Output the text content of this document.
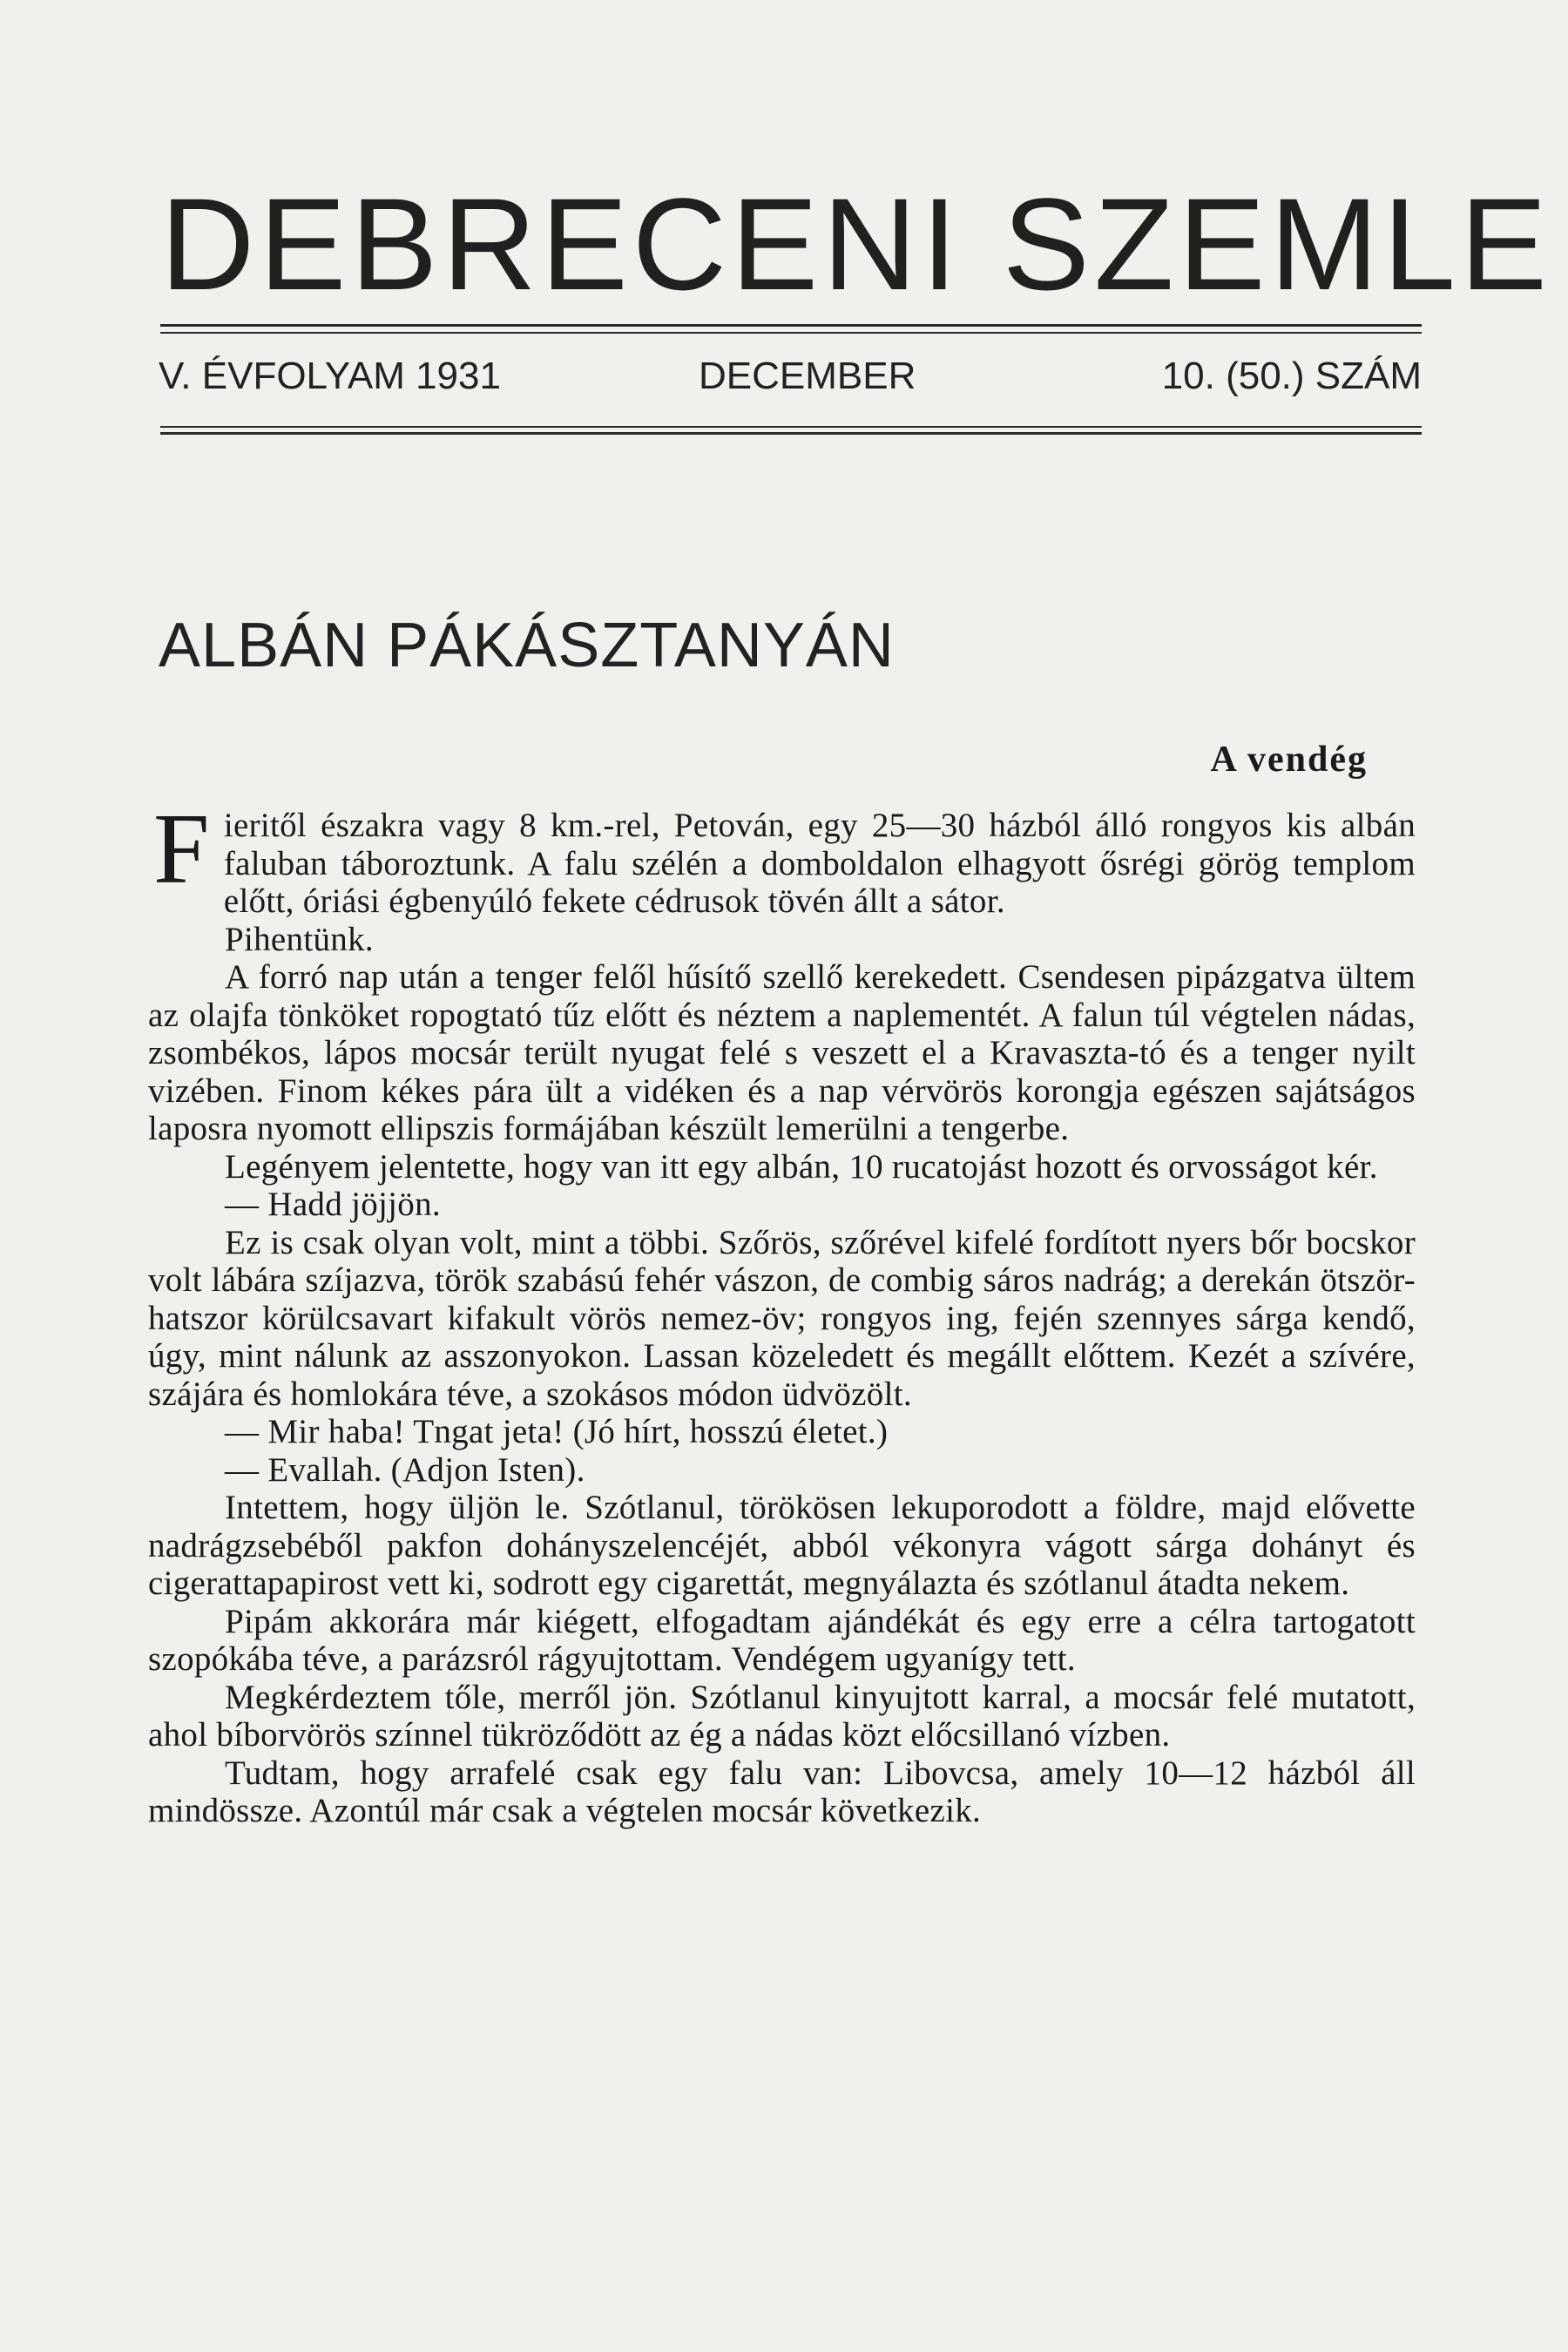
DEBRECENI SZEMLE
V. ÉVFOLYAM 1931	DECEMBER	10. (50.) SZÁM
ALBÁN PÁKÁSZTANYÁN
A vendég

Fieritől északra vagy 8 km.-rel, Petován, egy 25—30 házból álló rongyos kis albán faluban táboroztunk. A falu szélén a domboldalon elhagyott ősrégi görög templom előtt, óriási égbenyúló fekete cédrusok tövén állt a sátor.

Pihentünk.

A forró nap után a tenger felől hűsítő szellő kerekedett. Csendesen pipázgatva ültem az olajfa tönköket ropogtató tűz előtt és néztem a naplementét. A falun túl végtelen nádas, zsombékos, lápos mocsár terült nyugat felé s veszett el a Kravaszta-tó és a tenger nyilt vizében. Finom kékes pára ült a vidéken és a nap vérvörös korongja egészen sajátságos laposra nyomott ellipszis formájában készült lemerülni a tengerbe.

Legényem jelentette, hogy van itt egy albán, 10 rucatojást hozott és orvosságot kér.

— Hadd jöjjön.

Ez is csak olyan volt, mint a többi. Szőrös, szőrével kifelé fordított nyers bőr bocskor volt lábára szíjazva, török szabású fehér vászon, de combig sáros nadrág; a derekán ötször-hatszor körülcsavart kifakult vörös nemez-öv; rongyos ing, fején szennyes sárga kendő, úgy, mint nálunk az asszonyokon. Lassan közeledett és megállt előttem. Kezét a szívére, szájára és homlokára téve, a szokásos módon üdvözölt.

— Mir haba! Tngat jeta! (Jó hírt, hosszú életet.)

— Evallah. (Adjon Isten).

Intettem, hogy üljön le. Szótlanul, törökösen lekuporodott a földre, majd elővette nadrágzsebéből pakfon dohányszelencéjét, abból vékonyra vágott sárga dohányt és cigerattapapirost vett ki, sodrott egy cigarettát, megnyálazta és szótlanul átadta nekem.

Pipám akkorára már kiégett, elfogadtam ajándékát és egy erre a célra tartogatott szopókába téve, a parázsról rágyujtottam. Vendégem ugyanígy tett.

Megkérdeztem tőle, merről jön. Szótlanul kinyujtott karral, a mocsár felé mutatott, ahol bíborvörös színnel tükröződött az ég a nádas közt előcsillanó vízben.

Tudtam, hogy arrafelé csak egy falu van: Libovcsa, amely 10—12 házból áll mindössze. Azontúl már csak a végtelen mocsár következik.
